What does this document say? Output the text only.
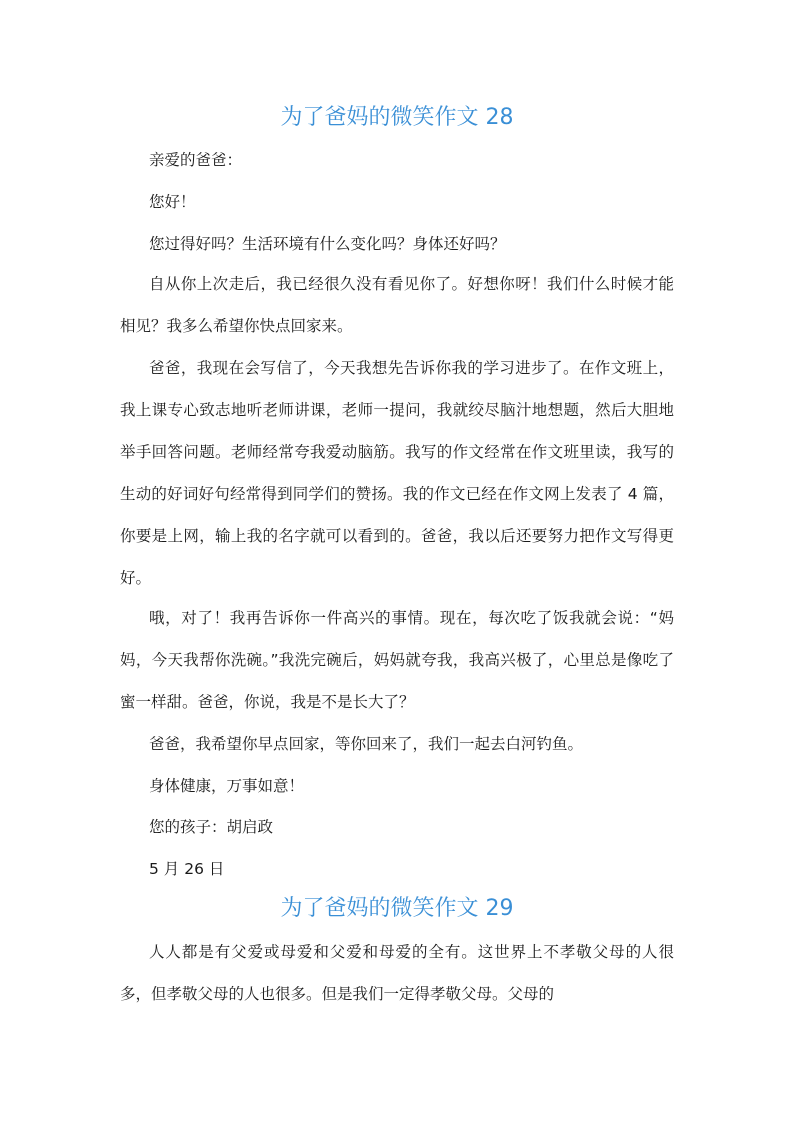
为了爸妈的微笑作文 28
亲爱的爸爸：
您好！
您过得好吗？生活环境有什么变化吗？身体还好吗？

自从你上次走后，我已经很久没有看见你了。好想你呀！我们什么时候才能相见？我多么希望你快点回家来。

爸爸，我现在会写信了，今天我想先告诉你我的学习进步了。在作文班上，我上课专心致志地听老师讲课，老师一提问，我就绞尽脑汁地想题，然后大胆地举手回答问题。老师经常夸我爱动脑筋。我写的作文经常在作文班里读，我写的生动的好词好句经常得到同学们的赞扬。我的作文已经在作文网上发表了 4 篇，你要是上网，输上我的名字就可以看到的。爸爸，我以后还要努力把作文写得更好。

哦，对了！我再告诉你一件高兴的事情。现在，每次吃了饭我就会说：“妈妈，今天我帮你洗碗。”我洗完碗后，妈妈就夸我，我高兴极了，心里总是像吃了蜜一样甜。爸爸，你说，我是不是长大了？

爸爸，我希望你早点回家，等你回来了，我们一起去白河钓鱼。
身体健康，万事如意！
您的孩子：胡启政
5 月 26 日
为了爸妈的微笑作文 29

人人都是有父爱或母爱和父爱和母爱的全有。这世界上不孝敬父母的人很多，但孝敬父母的人也很多。但是我们一定得孝敬父母。父母的
